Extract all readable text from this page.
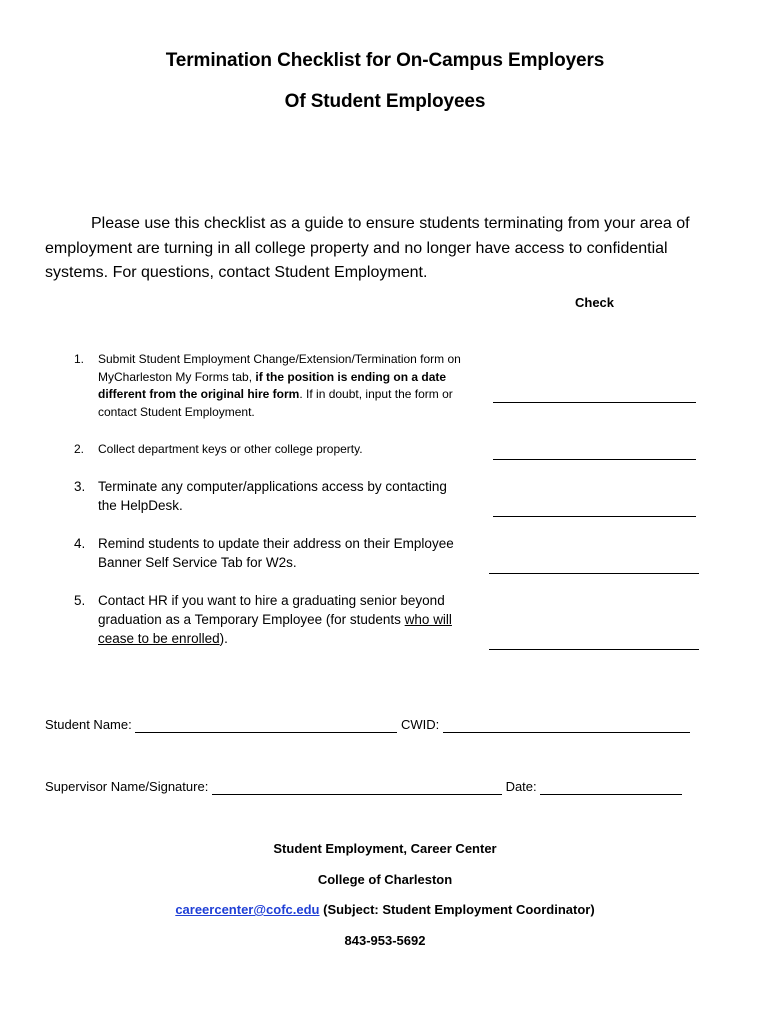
Termination Checklist for On-Campus Employers
Of Student Employees
Please use this checklist as a guide to ensure students terminating from your area of employment are turning in all college property and no longer have access to confidential systems. For questions, contact Student Employment.
Check
1.	Submit Student Employment Change/Extension/Termination form on MyCharleston My Forms tab, if the position is ending on a date different from the original hire form. If in doubt, input the form or contact Student Employment.
2.	Collect department keys or other college property.
3. Terminate any computer/applications access by contacting the HelpDesk.
4. Remind students to update their address on their Employee Banner Self Service Tab for W2s.
5. Contact HR if you want to hire a graduating senior beyond graduation as a Temporary Employee (for students who will cease to be enrolled).
Student Name:	CWID:
Supervisor Name/Signature:	Date:
Student Employment, Career Center
College of Charleston
careercenter@cofc.edu (Subject: Student Employment Coordinator)
843-953-5692
